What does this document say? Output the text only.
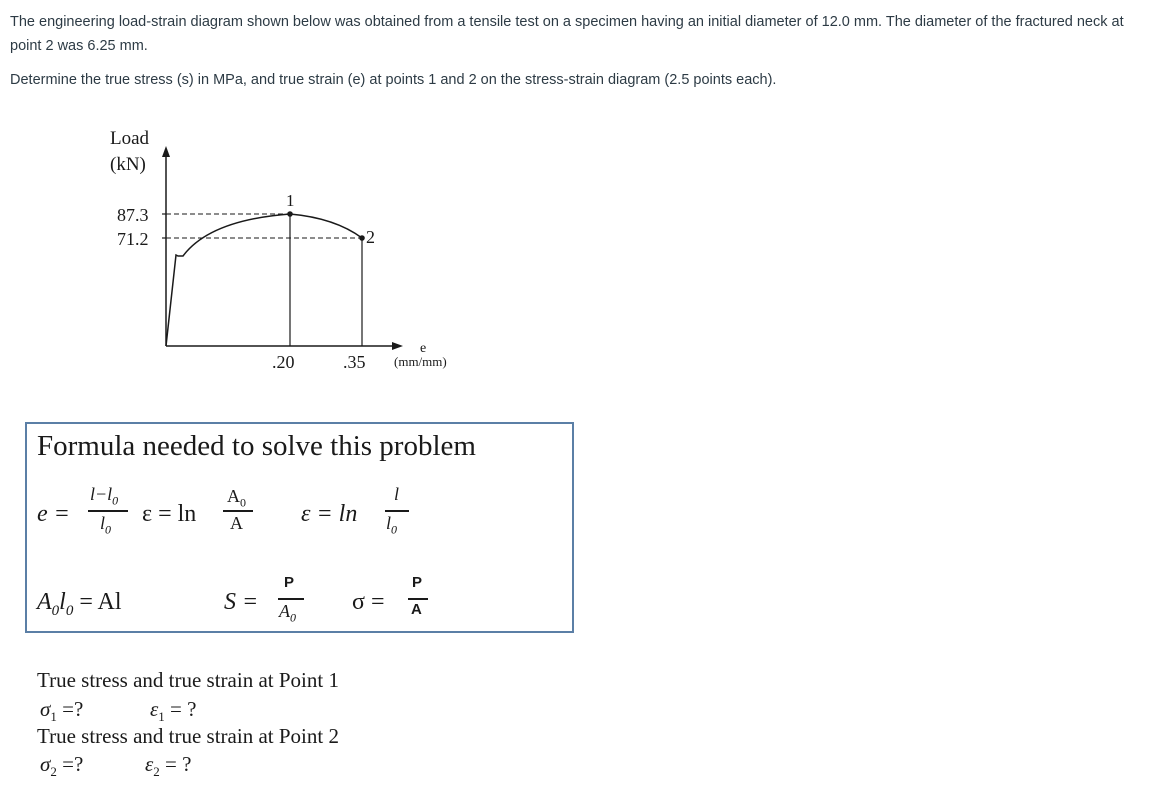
The engineering load-strain diagram shown below was obtained from a tensile test on a specimen having an initial diameter of 12.0 mm. The diameter of the fractured neck at point 2 was 6.25 mm.
Determine the true stress (s) in MPa, and true strain (e) at points 1 and 2 on the stress-strain diagram (2.5 points each).
Load
(kN)
87.3
71.2
1
2
.20	.35
e
(mm/mm)
Formula needed to solve this problem
e =
$l-l_0$
$l_0$
ε = ln
$A_0$
A ε = ln
l
$l_0$
$A_0l_0 = Al$	S =
P
$A_0$
σ =
P
A
True stress and true strain at Point 1
$\sigma_1$ =?	$\varepsilon_1$ = ?
True stress and true strain at Point 2
$\sigma_2$ =?	$\varepsilon_2$ = ?
